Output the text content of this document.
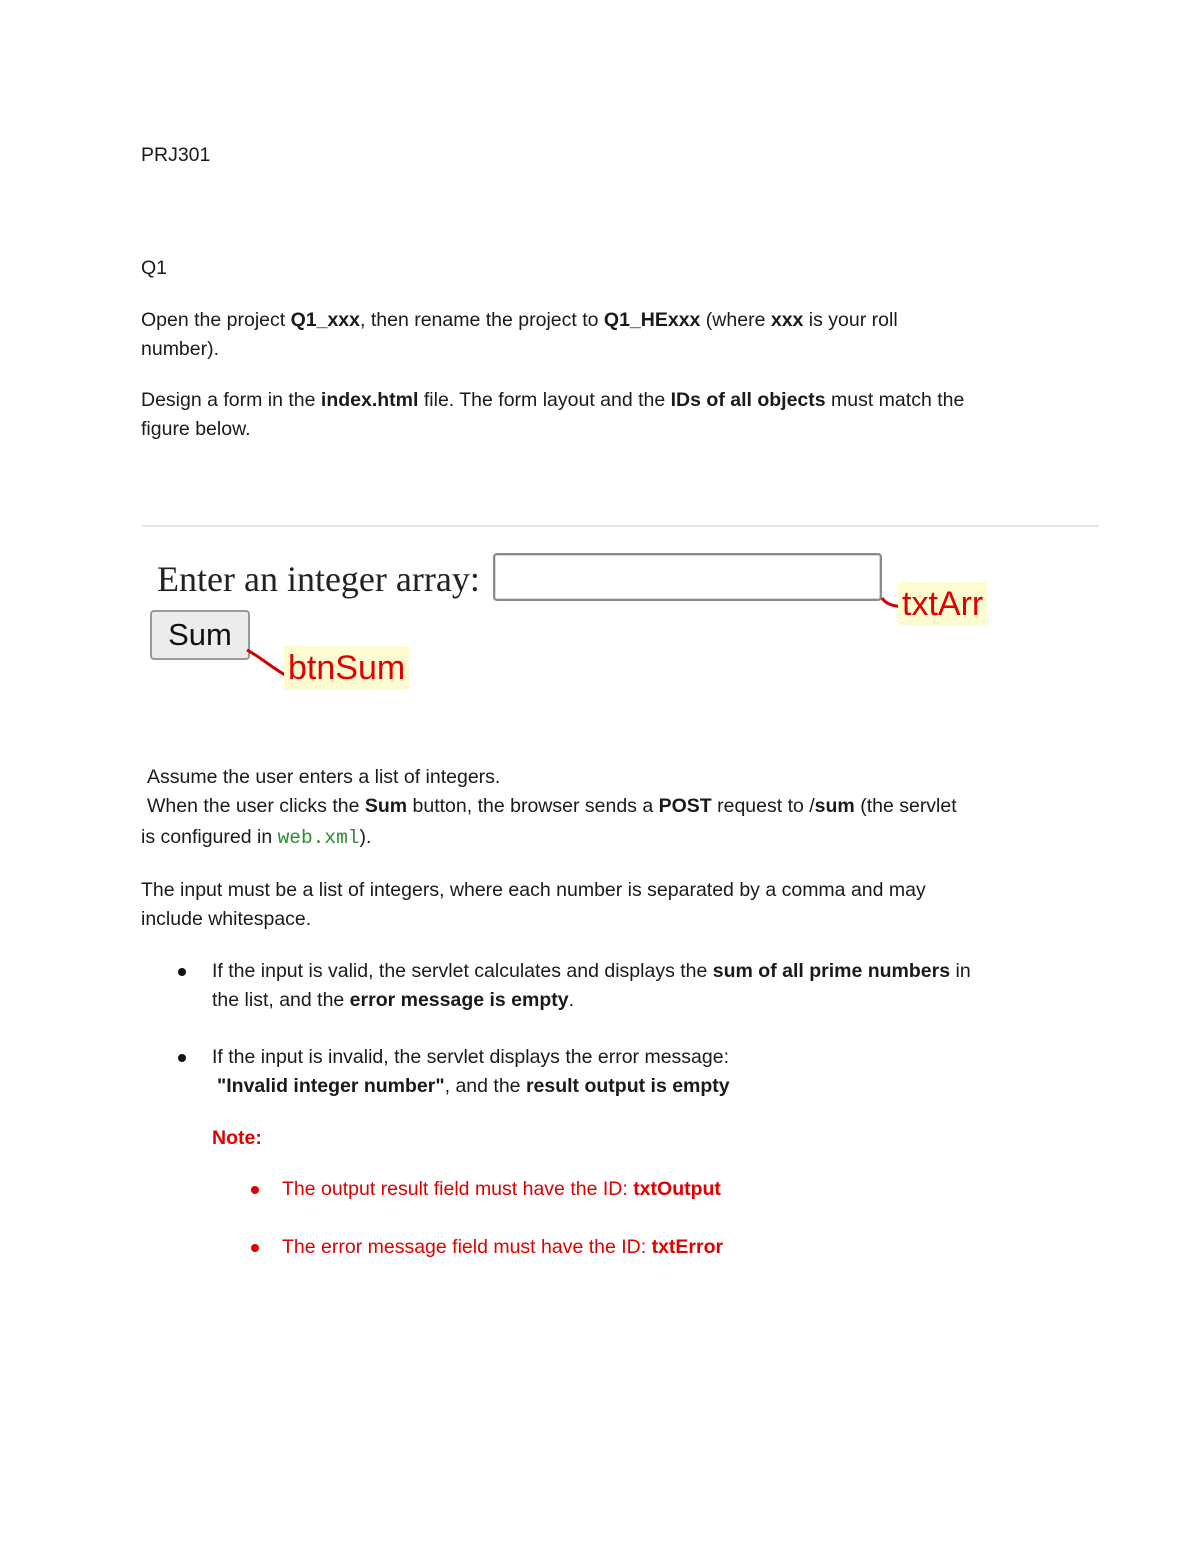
PRJ301
Q1
Open the project Q1_xxx, then rename the project to Q1_HExxx (where xxx is your roll
number).
Design a form in the index.html file. The form layout and the IDs of all objects must match the
figure below.
Enter an integer array:
Sum
txtArr
btnSum
Assume the user enters a list of integers.
When the user clicks the Sum button, the browser sends a POST request to /sum (the servlet
is configured in web.xml).
The input must be a list of integers, where each number is separated by a comma and may
include whitespace.
If the input is valid, the servlet calculates and displays the sum of all prime numbers in
the list, and the error message is empty.
If the input is invalid, the servlet displays the error message:
"Invalid integer number", and the result output is empty
Note:
The output result field must have the ID: txtOutput
The error message field must have the ID: txtError
